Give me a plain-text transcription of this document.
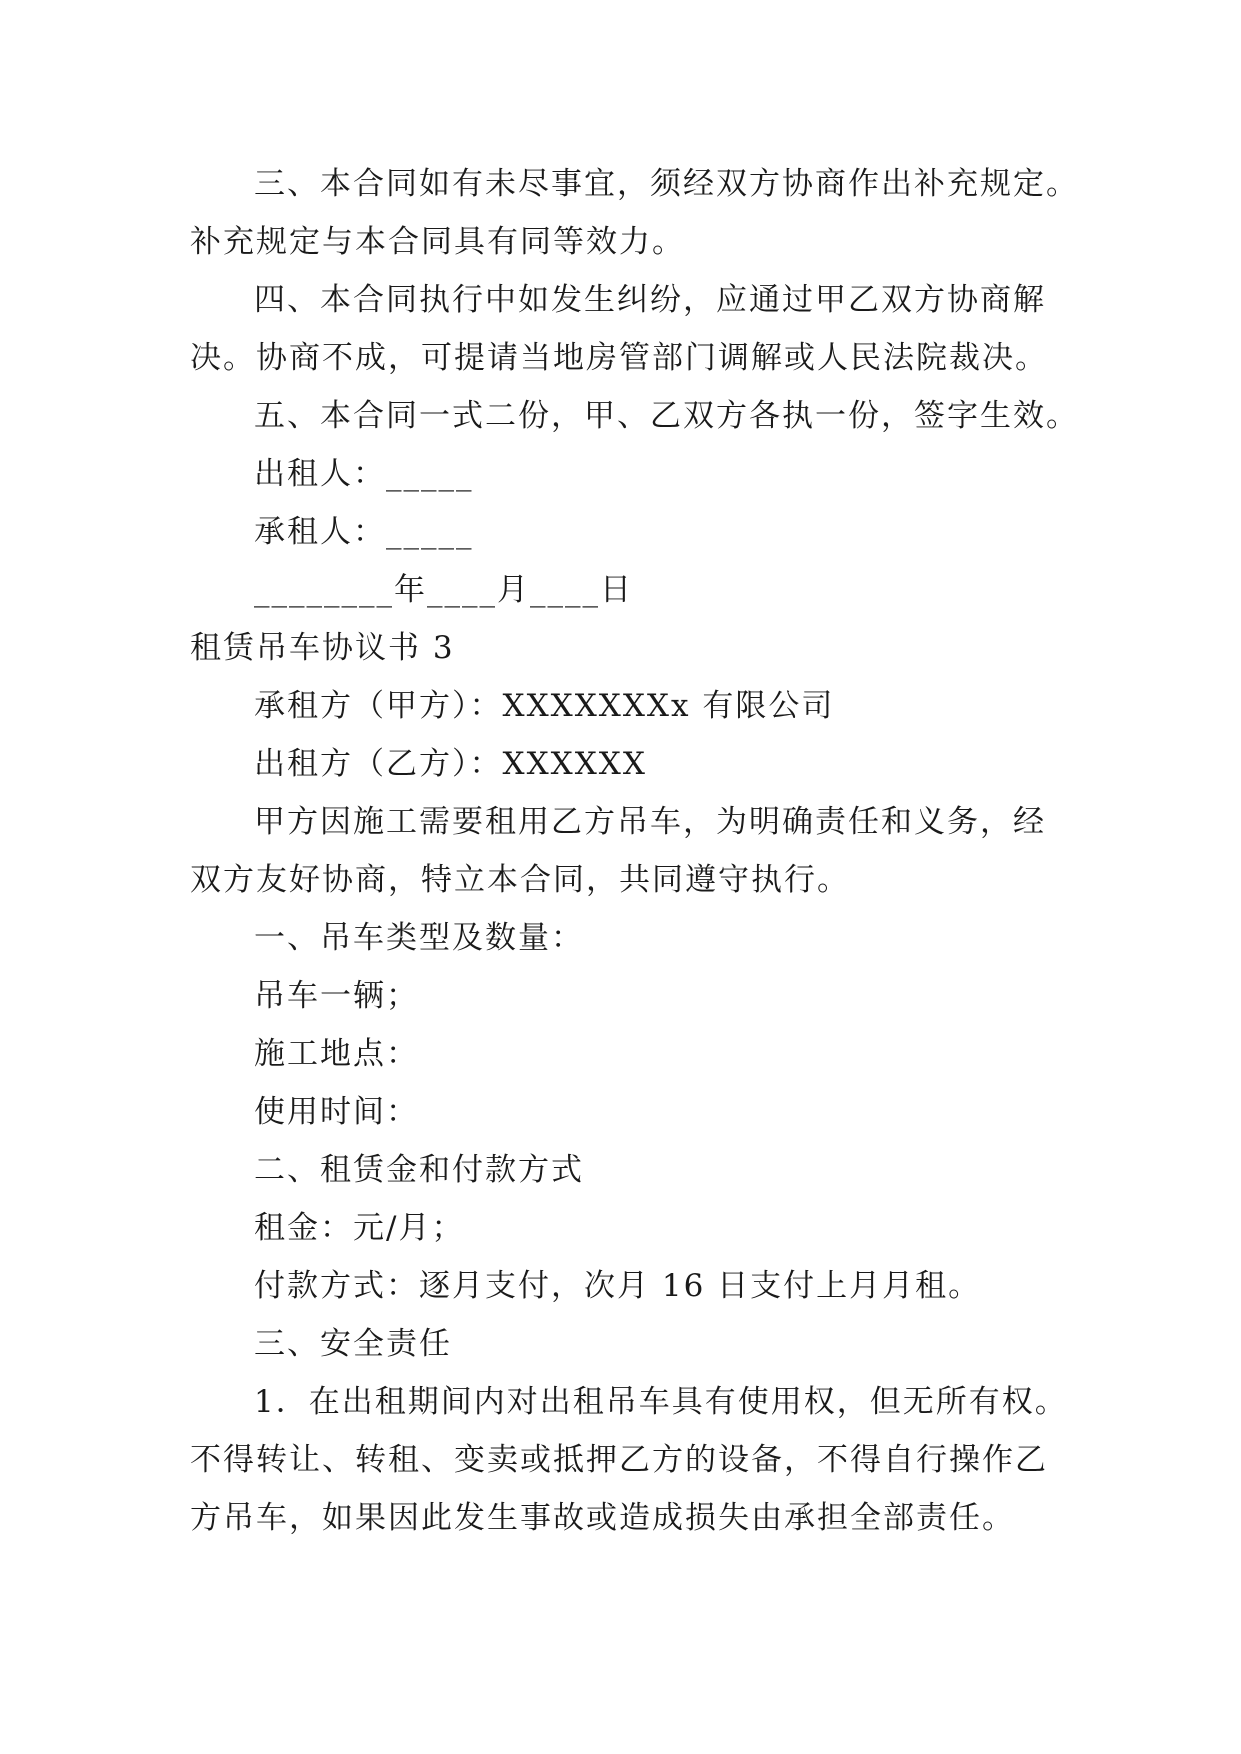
三、本合同如有未尽事宜，须经双方协商作出补充规定。
补充规定与本合同具有同等效力。
四、本合同执行中如发生纠纷，应通过甲乙双方协商解
决。协商不成，可提请当地房管部门调解或人民法院裁决。
五、本合同一式二份，甲、乙双方各执一份，签字生效。
出租人：_____
承租人：_____
________年____月____日
租赁吊车协议书 3
承租方（甲方）：XXXXXXXx 有限公司
出租方（乙方）：XXXXXX
甲方因施工需要租用乙方吊车，为明确责任和义务，经
双方友好协商，特立本合同，共同遵守执行。
一、吊车类型及数量：
吊车一辆；
施工地点：
使用时间：
二、租赁金和付款方式
租金：元/月；
付款方式：逐月支付，次月 16 日支付上月月租。
三、安全责任
1．在出租期间内对出租吊车具有使用权，但无所有权。
不得转让、转租、变卖或抵押乙方的设备，不得自行操作乙
方吊车，如果因此发生事故或造成损失由承担全部责任。
